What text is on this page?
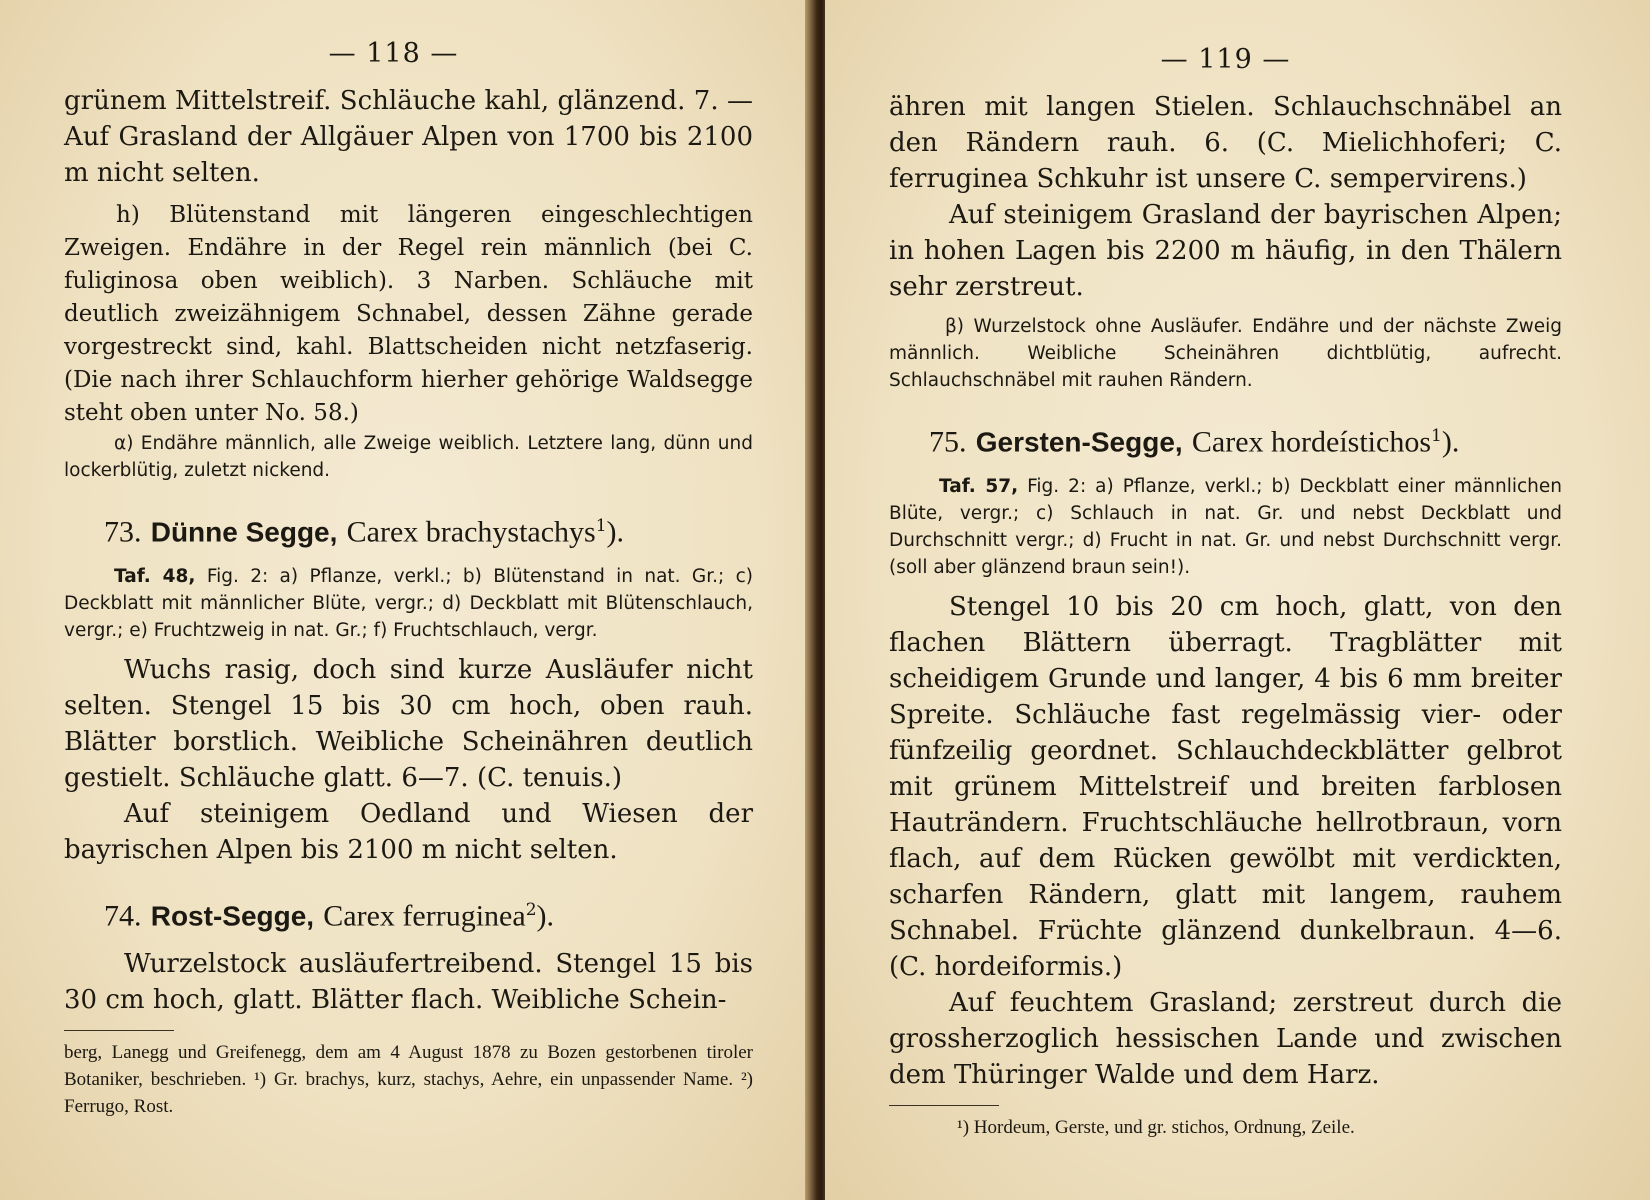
— 118 —

grünem Mittelstreif. Schläuche kahl, glänzend. 7. — Auf Grasland der Allgäuer Alpen von 1700 bis 2100 m nicht selten.

h) Blütenstand mit längeren eingeschlechtigen Zweigen. Endähre in der Regel rein männlich (bei C. fuliginosa oben weiblich). 3 Narben. Schläuche mit deutlich zweizähnigem Schnabel, dessen Zähne gerade vorgestreckt sind, kahl. Blattscheiden nicht netzfaserig. (Die nach ihrer Schlauchform hierher gehörige Waldsegge steht oben unter No. 58.)

α) Endähre männlich, alle Zweige weiblich. Letztere lang, dünn und lockerblütig, zuletzt nickend.

73. Dünne Segge, Carex brachystachys$^1$).

Taf. 48, Fig. 2: a) Pflanze, verkl.; b) Blütenstand in nat. Gr.; c) Deckblatt mit männlicher Blüte, vergr.; d) Deckblatt mit Blütenschlauch, vergr.; e) Fruchtzweig in nat. Gr.; f) Fruchtschlauch, vergr.

Wuchs rasig, doch sind kurze Ausläufer nicht selten. Stengel 15 bis 30 cm hoch, oben rauh. Blätter borstlich. Weibliche Scheinähren deutlich gestielt. Schläuche glatt. 6—7. (C. tenuis.)

Auf steinigem Oedland und Wiesen der bayrischen Alpen bis 2100 m nicht selten.

74. Rost-Segge, Carex ferruginea$^2$).

Wurzelstock ausläufertreibend. Stengel 15 bis 30 cm hoch, glatt. Blätter flach. Weibliche Schein-

berg, Lanegg und Greifenegg, dem am 4 August 1878 zu Bozen gestorbenen tiroler Botaniker, beschrieben. ¹) Gr. brachys, kurz, stachys, Aehre, ein unpassender Name. ²) Ferrugo, Rost.

— 119 —

ähren mit langen Stielen. Schlauchschnäbel an den Rändern rauh. 6. (C. Mielichhoferi; C. ferruginea Schkuhr ist unsere C. sempervirens.)

Auf steinigem Grasland der bayrischen Alpen; in hohen Lagen bis 2200 m häufig, in den Thälern sehr zerstreut.

β) Wurzelstock ohne Ausläufer. Endähre und der nächste Zweig männlich. Weibliche Scheinähren dichtblütig, aufrecht. Schlauchschnäbel mit rauhen Rändern.

75. Gersten-Segge, Carex hordeístichos$^1$).

Taf. 57, Fig. 2: a) Pflanze, verkl.; b) Deckblatt einer männlichen Blüte, vergr.; c) Schlauch in nat. Gr. und nebst Deckblatt und Durchschnitt vergr.; d) Frucht in nat. Gr. und nebst Durchschnitt vergr. (soll aber glänzend braun sein!).

Stengel 10 bis 20 cm hoch, glatt, von den flachen Blättern überragt. Tragblätter mit scheidigem Grunde und langer, 4 bis 6 mm breiter Spreite. Schläuche fast regelmässig vier- oder fünfzeilig geordnet. Schlauchdeckblätter gelbrot mit grünem Mittelstreif und breiten farblosen Hauträndern. Fruchtschläuche hellrotbraun, vorn flach, auf dem Rücken gewölbt mit verdickten, scharfen Rändern, glatt mit langem, rauhem Schnabel. Früchte glänzend dunkelbraun. 4—6. (C. hordeiformis.)

Auf feuchtem Grasland; zerstreut durch die grossherzoglich hessischen Lande und zwischen dem Thüringer Walde und dem Harz.

¹) Hordeum, Gerste, und gr. stichos, Ordnung, Zeile.
